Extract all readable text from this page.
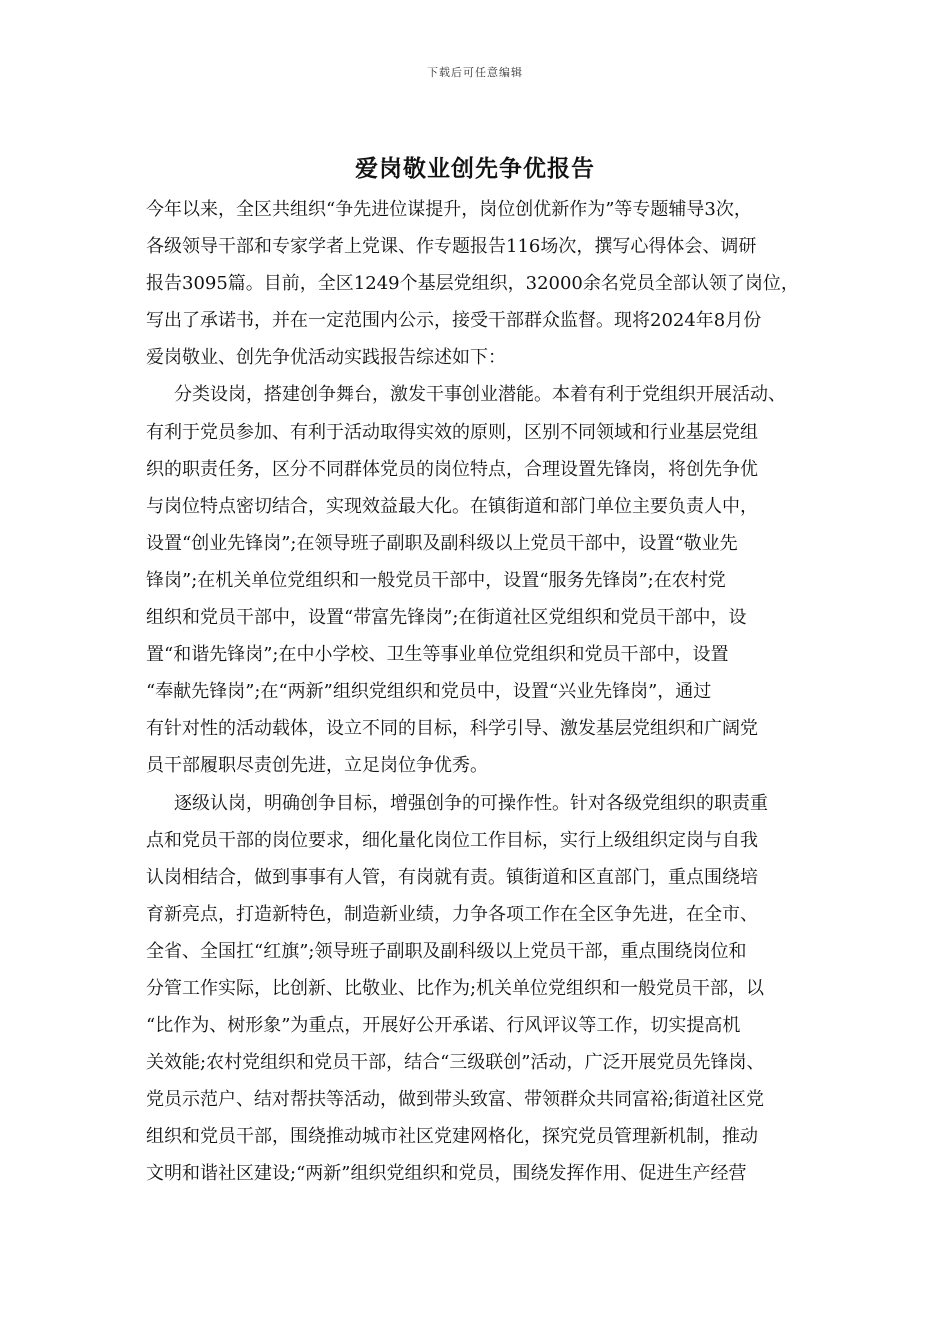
下载后可任意编辑
爱岗敬业创先争优报告
今年以来，全区共组织“争先进位谋提升，岗位创优新作为”等专题辅导3次，
各级领导干部和专家学者上党课、作专题报告116场次，撰写心得体会、调研
报告3095篇。目前，全区1249个基层党组织，32000余名党员全部认领了岗位，
写出了承诺书，并在一定范围内公示，接受干部群众监督。现将2024年8月份
爱岗敬业、创先争优活动实践报告综述如下：
分类设岗，搭建创争舞台，激发干事创业潜能。本着有利于党组织开展活动、
有利于党员参加、有利于活动取得实效的原则，区别不同领域和行业基层党组
织的职责任务，区分不同群体党员的岗位特点，合理设置先锋岗，将创先争优
与岗位特点密切结合，实现效益最大化。在镇街道和部门单位主要负责人中，
设置“创业先锋岗”;在领导班子副职及副科级以上党员干部中，设置“敬业先
锋岗”;在机关单位党组织和一般党员干部中，设置“服务先锋岗”;在农村党
组织和党员干部中，设置“带富先锋岗”;在街道社区党组织和党员干部中，设
置“和谐先锋岗”;在中小学校、卫生等事业单位党组织和党员干部中，设置
“奉献先锋岗”;在“两新”组织党组织和党员中，设置“兴业先锋岗”，通过
有针对性的活动载体，设立不同的目标，科学引导、激发基层党组织和广阔党
员干部履职尽责创先进，立足岗位争优秀。
逐级认岗，明确创争目标，增强创争的可操作性。针对各级党组织的职责重
点和党员干部的岗位要求，细化量化岗位工作目标，实行上级组织定岗与自我
认岗相结合，做到事事有人管，有岗就有责。镇街道和区直部门，重点围绕培
育新亮点，打造新特色，制造新业绩，力争各项工作在全区争先进，在全市、
全省、全国扛“红旗”;领导班子副职及副科级以上党员干部，重点围绕岗位和
分管工作实际，比创新、比敬业、比作为;机关单位党组织和一般党员干部，以
“比作为、树形象”为重点，开展好公开承诺、行风评议等工作，切实提高机
关效能;农村党组织和党员干部，结合“三级联创”活动，广泛开展党员先锋岗、
党员示范户、结对帮扶等活动，做到带头致富、带领群众共同富裕;街道社区党
组织和党员干部，围绕推动城市社区党建网格化，探究党员管理新机制，推动
文明和谐社区建设;“两新”组织党组织和党员，围绕发挥作用、促进生产经营
